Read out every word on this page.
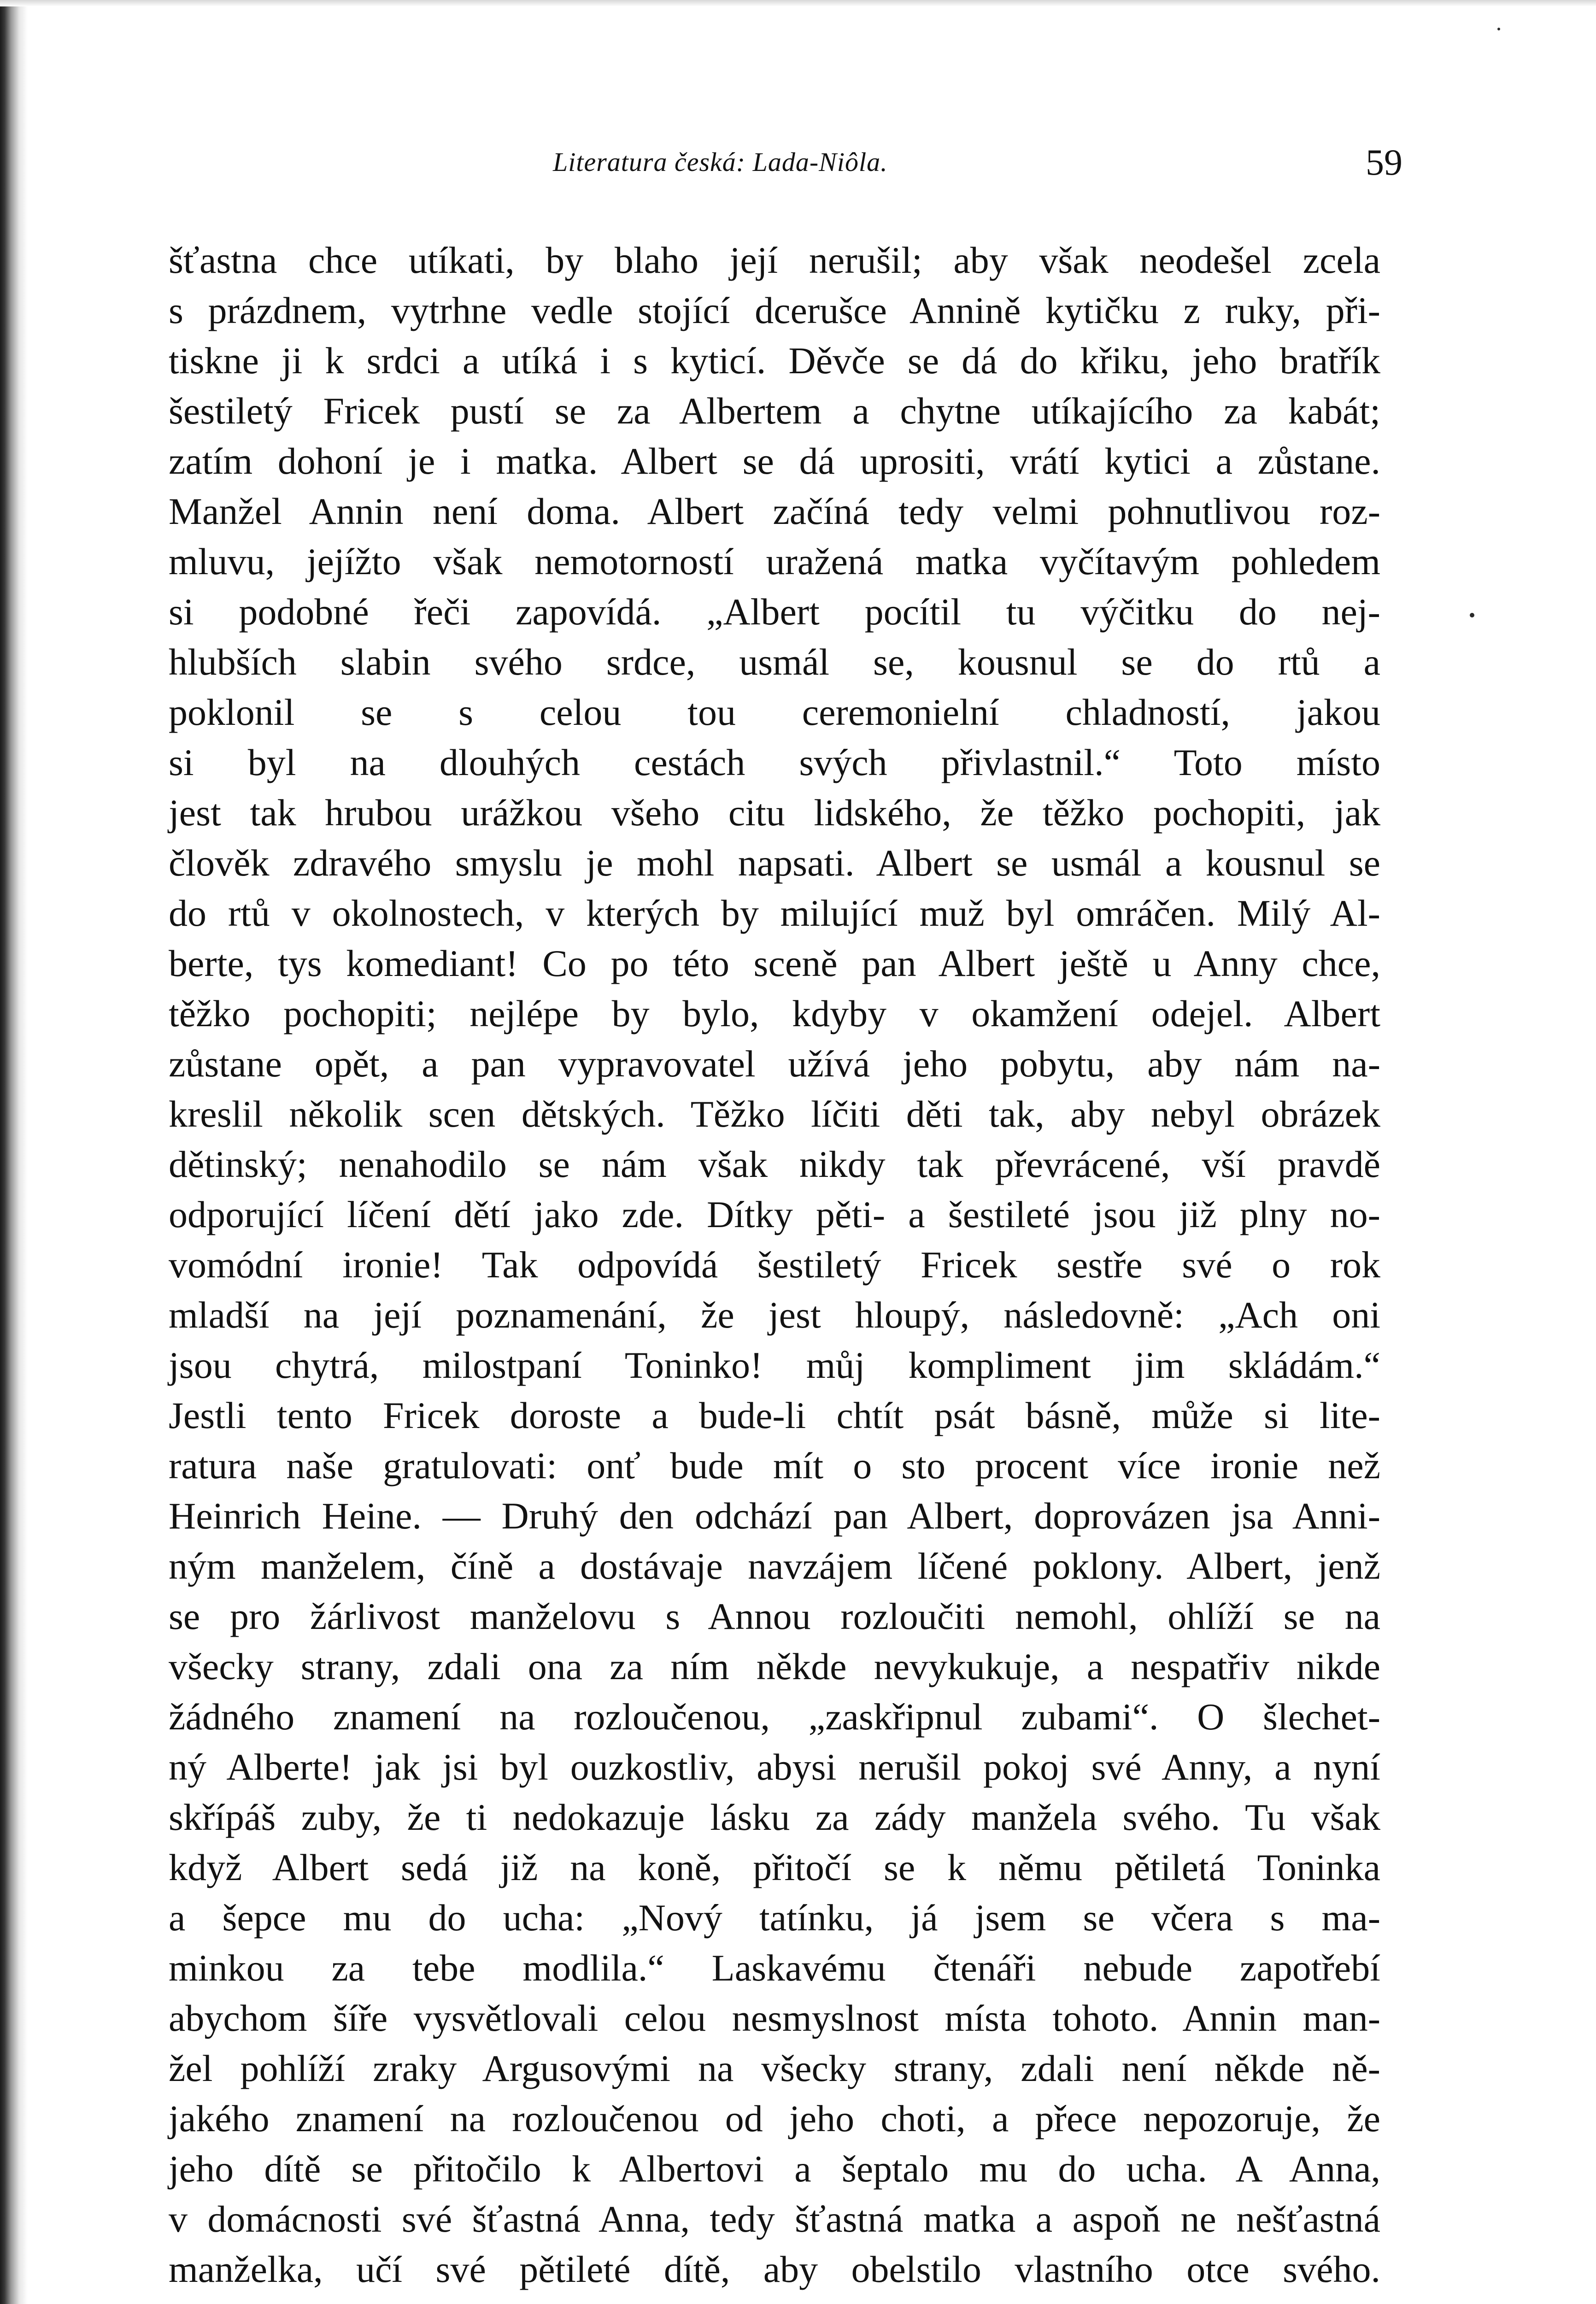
Literatura česká: Lada-Niôla.	59
šťastna chce utíkati, by blaho její nerušil; aby však neodešel zcela
s prázdnem, vytrhne vedle stojící dcerušce Annině kytičku z ruky, při-
tiskne ji k srdci a utíká i s kyticí. Děvče se dá do křiku, jeho bratřík
šestiletý Fricek pustí se za Albertem a chytne utíkajícího za kabát;
zatím dohoní je i matka. Albert se dá uprositi, vrátí kytici a zůstane.
Manžel Annin není doma. Albert začíná tedy velmi pohnutlivou roz-
mluvu, jejížto však nemotorností uražená matka vyčítavým pohledem
si podobné řeči zapovídá. „Albert pocítil tu výčitku do nej-
hlubších slabin svého srdce, usmál se, kousnul se do rtů a
poklonil se s celou tou ceremonielní chladností, jakou
si byl na dlouhých cestách svých přivlastnil.“ Toto místo
jest tak hrubou urážkou všeho citu lidského, že těžko pochopiti, jak
člověk zdravého smyslu je mohl napsati. Albert se usmál a kousnul se
do rtů v okolnostech, v kterých by milující muž byl omráčen. Milý Al-
berte, tys komediant! Co po této sceně pan Albert ještě u Anny chce,
těžko pochopiti; nejlépe by bylo, kdyby v okamžení odejel. Albert
zůstane opět, a pan vypravovatel užívá jeho pobytu, aby nám na-
kreslil několik scen dětských. Těžko líčiti děti tak, aby nebyl obrázek
dětinský; nenahodilo se nám však nikdy tak převrácené, vší pravdě
odporující líčení dětí jako zde. Dítky pěti- a šestileté jsou již plny no-
vomódní ironie! Tak odpovídá šestiletý Fricek sestře své o rok
mladší na její poznamenání, že jest hloupý, následovně: „Ach oni
jsou chytrá, milostpaní Toninko! můj kompliment jim skládám.“
Jestli tento Fricek doroste a bude-li chtít psát básně, může si lite-
ratura naše gratulovati: onť bude mít o sto procent více ironie než
Heinrich Heine. — Druhý den odchází pan Albert, doprovázen jsa Anni-
ným manželem, číně a dostávaje navzájem líčené poklony. Albert, jenž
se pro žárlivost manželovu s Annou rozloučiti nemohl, ohlíží se na
všecky strany, zdali ona za ním někde nevykukuje, a nespatřiv nikde
žádného znamení na rozloučenou, „zaskřipnul zubami“. O šlechet-
ný Alberte! jak jsi byl ouzkostliv, abysi nerušil pokoj své Anny, a nyní
skřípáš zuby, že ti nedokazuje lásku za zády manžela svého. Tu však
když Albert sedá již na koně, přitočí se k němu pětiletá Toninka
a šepce mu do ucha: „Nový tatínku, já jsem se včera s ma-
minkou za tebe modlila.“ Laskavému čtenáři nebude zapotřebí
abychom šíře vysvětlovali celou nesmyslnost místa tohoto. Annin man-
žel pohlíží zraky Argusovými na všecky strany, zdali není někde ně-
jakého znamení na rozloučenou od jeho choti, a přece nepozoruje, že
jeho dítě se přitočilo k Albertovi a šeptalo mu do ucha. A Anna,
v domácnosti své šťastná Anna, tedy šťastná matka a aspoň ne nešťastná
manželka, učí své pětileté dítě, aby obelstilo vlastního otce svého.
